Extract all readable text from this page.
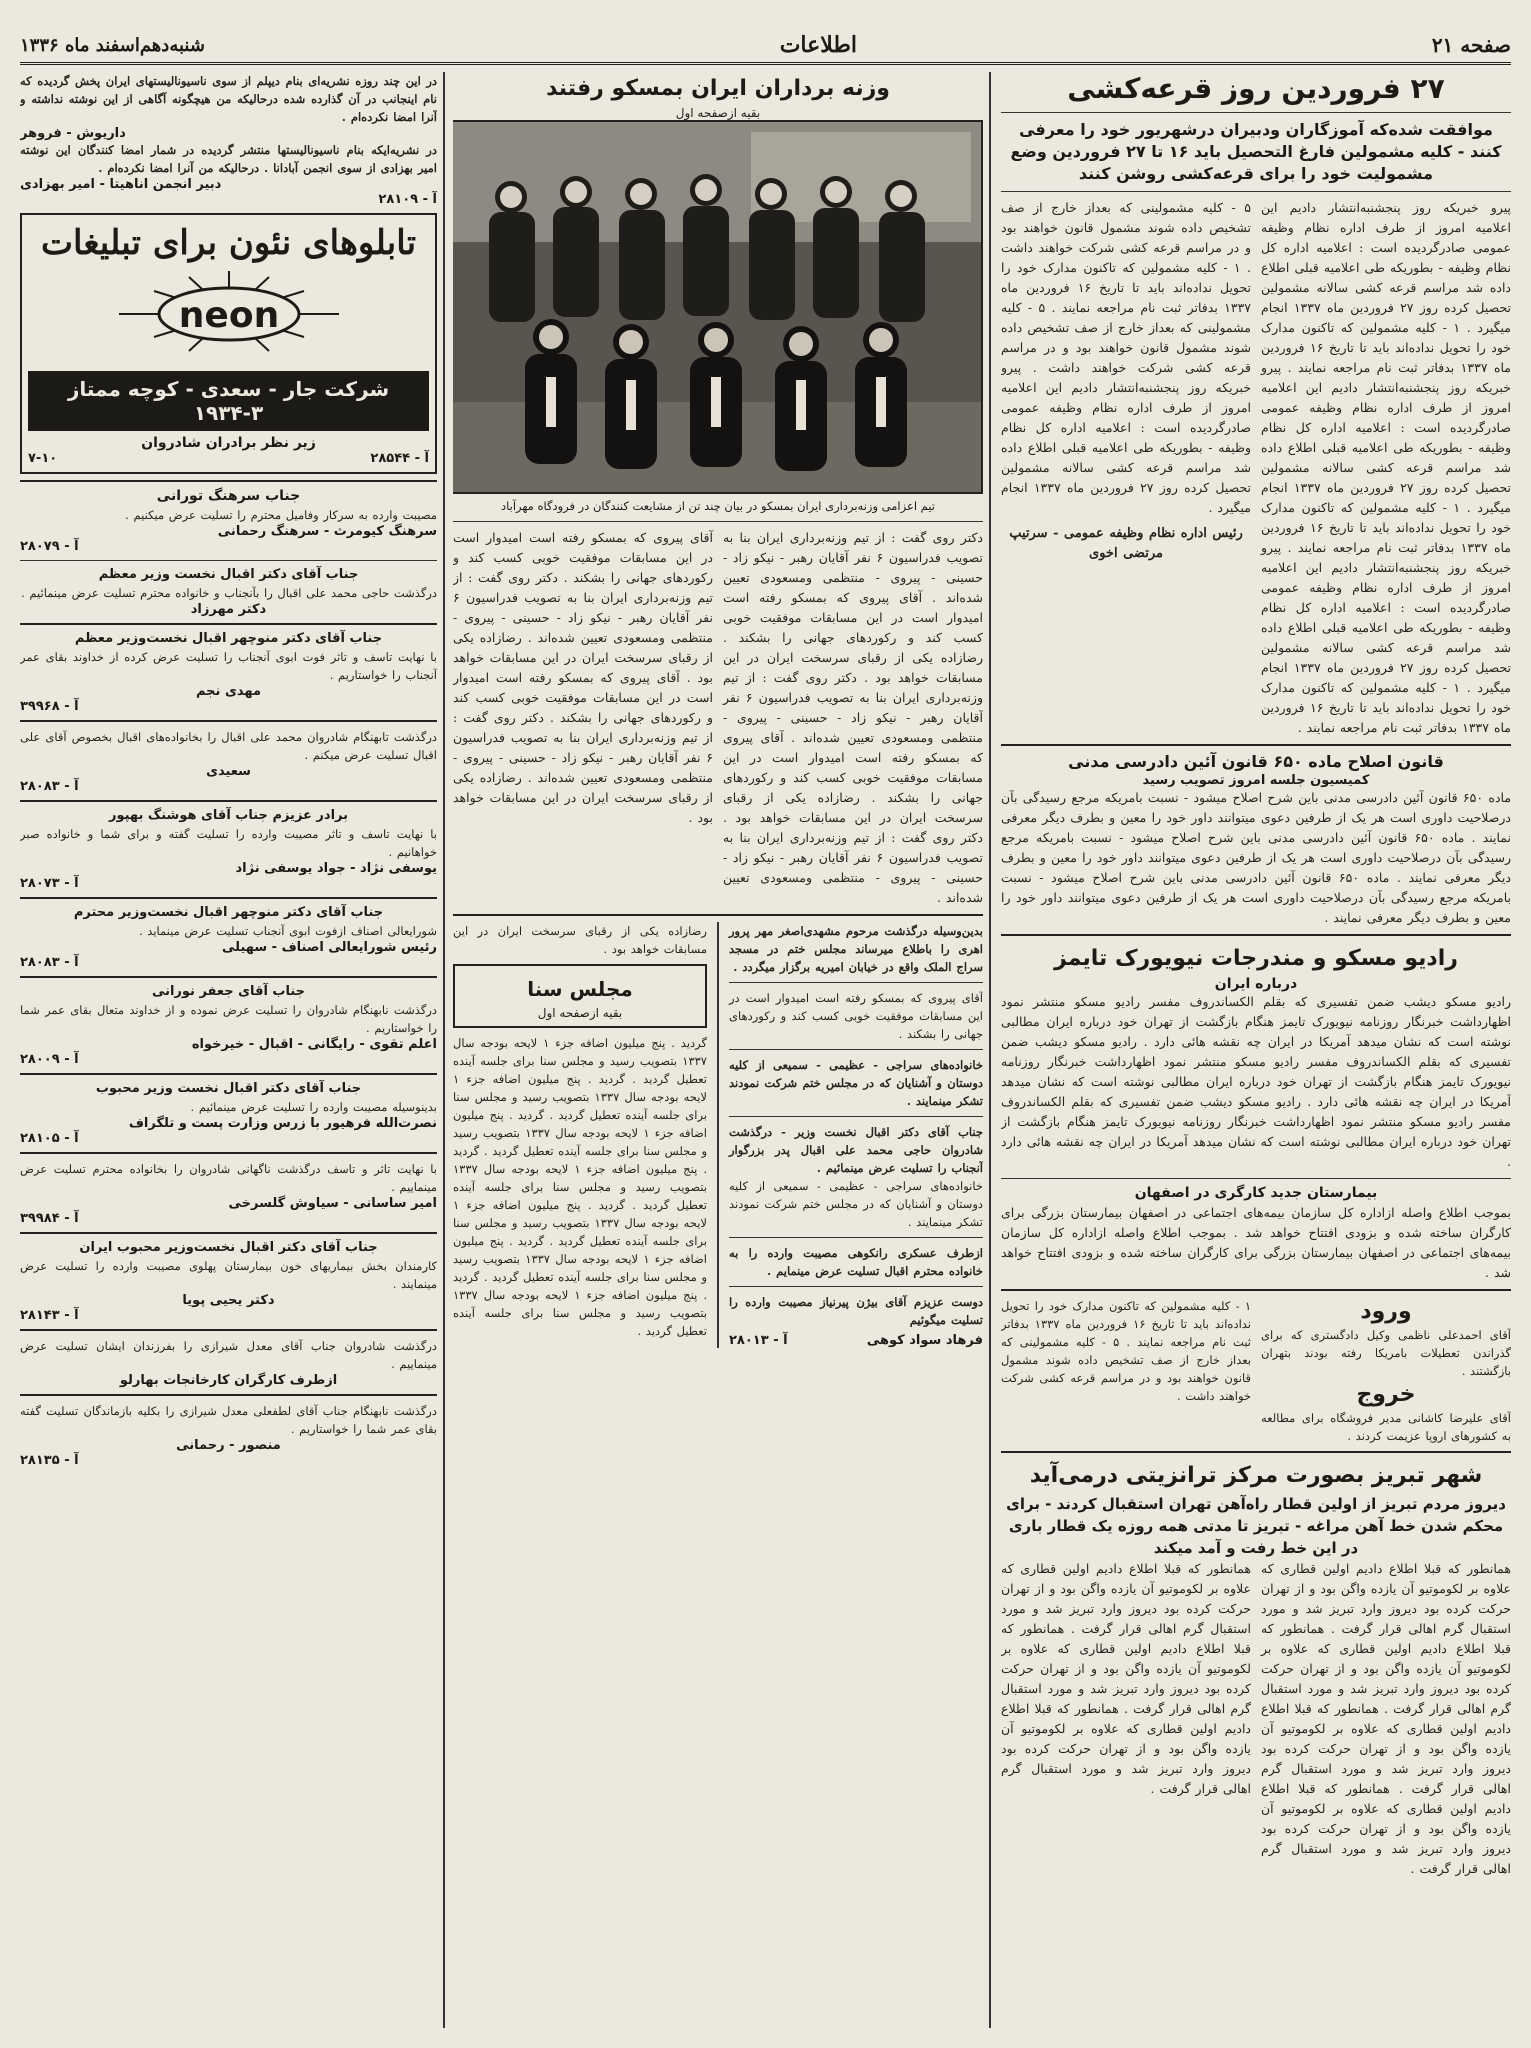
صفحه ۲۱
اطلاعات
شنبه‌دهم‌اسفند ماه ۱۳۳۶
۲۷ فروردین روز قرعه‌کشی
موافقت شده‌که آموزگاران ودبیران درشهریور خود را معرفی کنند - کلیه مشمولین فارغ التحصیل باید ۱۶ تا ۲۷ فروردین وضع مشمولیت خود را برای قرعه‌کشی روشن کنند
پیرو خبریکه روز پنجشنبه‌انتشار دادیم این اعلامیه امروز از طرف اداره نظام وظیفه عمومی صادرگردیده است : اعلامیه اداره کل نظام وظیفه - بطوریکه طی اعلامیه قبلی اطلاع داده شد مراسم قرعه کشی سالانه مشمولین تحصیل کرده روز ۲۷ فروردین ماه ۱۳۳۷ انجام میگیرد . ۱ - کلیه مشمولین‌ که تاکنون‌ مدارک خود را تحویل نداده‌اند باید تا تاریخ ۱۶ فروردین ماه ۱۳۳۷ بدفاتر ثبت نام مراجعه نمایند . پیرو خبریکه روز پنجشنبه‌انتشار دادیم این اعلامیه امروز از طرف اداره نظام وظیفه عمومی صادرگردیده است : اعلامیه اداره کل نظام وظیفه - بطوریکه طی اعلامیه قبلی اطلاع داده شد مراسم قرعه کشی سالانه مشمولین تحصیل کرده روز ۲۷ فروردین ماه ۱۳۳۷ انجام میگیرد . ۱ - کلیه مشمولین‌ که تاکنون‌ مدارک خود را تحویل نداده‌اند باید تا تاریخ ۱۶ فروردین ماه ۱۳۳۷ بدفاتر ثبت نام مراجعه نمایند . پیرو خبریکه روز پنجشنبه‌انتشار دادیم این اعلامیه امروز از طرف اداره نظام وظیفه عمومی صادرگردیده است : اعلامیه اداره کل نظام وظیفه - بطوریکه طی اعلامیه قبلی اطلاع داده شد مراسم قرعه کشی سالانه مشمولین تحصیل کرده روز ۲۷ فروردین ماه ۱۳۳۷ انجام میگیرد . ۱ - کلیه مشمولین‌ که تاکنون‌ مدارک خود را تحویل نداده‌اند باید تا تاریخ ۱۶ فروردین ماه ۱۳۳۷ بدفاتر ثبت نام مراجعه نمایند .
۵ - کلیه مشمولینی که بعداز خارج از صف تشخیص داده شوند مشمول قانون خواهند بود و در مراسم قرعه کشی شرکت خواهند داشت . ۱ - کلیه مشمولین‌ که تاکنون‌ مدارک خود را تحویل نداده‌اند باید تا تاریخ ۱۶ فروردین ماه ۱۳۳۷ بدفاتر ثبت نام مراجعه نمایند . ۵ - کلیه مشمولینی که بعداز خارج از صف تشخیص داده شوند مشمول قانون خواهند بود و در مراسم قرعه کشی شرکت خواهند داشت . پیرو خبریکه روز پنجشنبه‌انتشار دادیم این اعلامیه امروز از طرف اداره نظام وظیفه عمومی صادرگردیده است : اعلامیه اداره کل نظام وظیفه - بطوریکه طی اعلامیه قبلی اطلاع داده شد مراسم قرعه کشی سالانه مشمولین تحصیل کرده روز ۲۷ فروردین ماه ۱۳۳۷ انجام میگیرد .
رئیس اداره نظام وظیفه عمومی - سرتیپ مرتضی اخوی
قانون اصلاح ماده ۶۵۰ قانون آئین دادرسی مدنی
کمیسیون جلسه امروز تصویب رسید
ماده ۶۵۰ قانون آئین دادرسی مدنی باین شرح اصلاح میشود - نسبت بامریکه مرجع رسیدگی بآن درصلاحیت داوری است هر یک از طرفین دعوی میتوانند داور خود را معین و بطرف دیگر معرفی نمایند . ماده ۶۵۰ قانون آئین دادرسی مدنی باین شرح اصلاح میشود - نسبت بامریکه مرجع رسیدگی بآن درصلاحیت داوری است هر یک از طرفین دعوی میتوانند داور خود را معین و بطرف دیگر معرفی نمایند . ماده ۶۵۰ قانون آئین دادرسی مدنی باین شرح اصلاح میشود - نسبت بامریکه مرجع رسیدگی بآن درصلاحیت داوری است هر یک از طرفین دعوی میتوانند داور خود را معین و بطرف دیگر معرفی نمایند .
رادیو مسکو و مندرجات نیویورک تایمز
درباره ایران
رادیو مسکو دیشب ضمن تفسیری که بقلم الکساندروف مفسر رادیو مسکو منتشر نمود اظهارداشت خبرنگار روزنامه نیویورک تایمز هنگام بازگشت از تهران خود درباره ایران مطالبی نوشته است که نشان میدهد آمریکا در ایران چه نقشه هائی دارد . رادیو مسکو دیشب ضمن تفسیری که بقلم الکساندروف مفسر رادیو مسکو منتشر نمود اظهارداشت خبرنگار روزنامه نیویورک تایمز هنگام بازگشت از تهران خود درباره ایران مطالبی نوشته است که نشان میدهد آمریکا در ایران چه نقشه هائی دارد . رادیو مسکو دیشب ضمن تفسیری که بقلم الکساندروف مفسر رادیو مسکو منتشر نمود اظهارداشت خبرنگار روزنامه نیویورک تایمز هنگام بازگشت از تهران خود درباره ایران مطالبی نوشته است که نشان میدهد آمریکا در ایران چه نقشه هائی دارد .
بیمارستان جدید کارگری در اصفهان
بموجب اطلاع واصله ازاداره کل سازمان بیمه‌های اجتماعی در اصفهان بیمارستان بزرگی برای کارگران ساخته شده و بزودی افتتاح خواهد شد . بموجب اطلاع واصله ازاداره کل سازمان بیمه‌های اجتماعی در اصفهان بیمارستان بزرگی برای کارگران ساخته شده و بزودی افتتاح خواهد شد .
ورود
آقای احمدعلی ناظمی وکیل دادگستری که برای گذراندن تعطیلات بامریکا رفته بودند بتهران بازگشتند .
خروج
آقای علیرضا کاشانی مدیر فروشگاه برای مطالعه به کشورهای اروپا عزیمت کردند .
۱ - کلیه مشمولین‌ که تاکنون‌ مدارک خود را تحویل نداده‌اند باید تا تاریخ ۱۶ فروردین ماه ۱۳۳۷ بدفاتر ثبت نام مراجعه نمایند . ۵ - کلیه مشمولینی که بعداز خارج از صف تشخیص داده شوند مشمول قانون خواهند بود و در مراسم قرعه کشی شرکت خواهند داشت .
شهر تبریز بصورت مرکز ترانزیتی درمی‌آید
دیروز مردم تبریز از اولین قطار راه‌آهن تهران استقبال کردند - برای محکم شدن خط آهن مراغه - تبریز تا مدتی همه روزه یک قطار باری در این خط رفت و آمد میکند
همانطور که قبلا اطلاع دادیم اولین قطاری که علاوه بر لکوموتیو آن یازده واگن بود و از تهران حرکت کرده بود دیروز وارد تبریز شد و مورد استقبال گرم اهالی قرار گرفت . همانطور که قبلا اطلاع دادیم اولین قطاری که علاوه بر لکوموتیو آن یازده واگن بود و از تهران حرکت کرده بود دیروز وارد تبریز شد و مورد استقبال گرم اهالی قرار گرفت . همانطور که قبلا اطلاع دادیم اولین قطاری که علاوه بر لکوموتیو آن یازده واگن بود و از تهران حرکت کرده بود دیروز وارد تبریز شد و مورد استقبال گرم اهالی قرار گرفت . همانطور که قبلا اطلاع دادیم اولین قطاری که علاوه بر لکوموتیو آن یازده واگن بود و از تهران حرکت کرده بود دیروز وارد تبریز شد و مورد استقبال گرم اهالی قرار گرفت .
همانطور که قبلا اطلاع دادیم اولین قطاری که علاوه بر لکوموتیو آن یازده واگن بود و از تهران حرکت کرده بود دیروز وارد تبریز شد و مورد استقبال گرم اهالی قرار گرفت . همانطور که قبلا اطلاع دادیم اولین قطاری که علاوه بر لکوموتیو آن یازده واگن بود و از تهران حرکت کرده بود دیروز وارد تبریز شد و مورد استقبال گرم اهالی قرار گرفت . همانطور که قبلا اطلاع دادیم اولین قطاری که علاوه بر لکوموتیو آن یازده واگن بود و از تهران حرکت کرده بود دیروز وارد تبریز شد و مورد استقبال گرم اهالی قرار گرفت .
وزنه برداران ایران بمسکو رفتند
بقیه ازصفحه اول
تیم اعزامی وزنه‌برداری ایران بمسکو در بیان چند تن از مشایعت کنندگان در فرودگاه مهرآباد
دکتر روی گفت : از تیم وزنه‌برداری ایران بنا به تصویب فدراسیون ۶ نفر آقایان رهبر - نیکو زاد - حسینی - پیروی - منتظمی ومسعودی تعیین شده‌اند . آقای پیروی که بمسکو رفته است امیدوار است در این مسابقات موفقیت خوبی کسب کند و رکوردهای جهانی را بشکند . رضازاده یکی از رقبای سرسخت ایران در این مسابقات خواهد بود . دکتر روی گفت : از تیم وزنه‌برداری ایران بنا به تصویب فدراسیون ۶ نفر آقایان رهبر - نیکو زاد - حسینی - پیروی - منتظمی ومسعودی تعیین شده‌اند . آقای پیروی که بمسکو رفته است امیدوار است در این مسابقات موفقیت خوبی کسب کند و رکوردهای جهانی را بشکند . رضازاده یکی از رقبای سرسخت ایران در این مسابقات خواهد بود . دکتر روی گفت : از تیم وزنه‌برداری ایران بنا به تصویب فدراسیون ۶ نفر آقایان رهبر - نیکو زاد - حسینی - پیروی - منتظمی ومسعودی تعیین شده‌اند .
آقای پیروی که بمسکو رفته است امیدوار است در این مسابقات موفقیت خوبی کسب کند و رکوردهای جهانی را بشکند . دکتر روی گفت : از تیم وزنه‌برداری ایران بنا به تصویب فدراسیون ۶ نفر آقایان رهبر - نیکو زاد - حسینی - پیروی - منتظمی ومسعودی تعیین شده‌اند . رضازاده یکی از رقبای سرسخت ایران در این مسابقات خواهد بود . آقای پیروی که بمسکو رفته است امیدوار است در این مسابقات موفقیت خوبی کسب کند و رکوردهای جهانی را بشکند . دکتر روی گفت : از تیم وزنه‌برداری ایران بنا به تصویب فدراسیون ۶ نفر آقایان رهبر - نیکو زاد - حسینی - پیروی - منتظمی ومسعودی تعیین شده‌اند . رضازاده یکی از رقبای سرسخت ایران در این مسابقات خواهد بود .
بدین‌وسیله درگذشت مرحوم مشهدی‌اصغر مهر پرور اهری را باطلاع میرساند مجلس ختم در مسجد سراج الملک واقع در خیابان امیریه برگزار میگردد .
آقای پیروی که بمسکو رفته است امیدوار است در این مسابقات موفقیت خوبی کسب کند و رکوردهای جهانی را بشکند .
خانواده‌های سراجی - عظیمی - سمیعی از کلیه دوستان و آشنایان که در مجلس ختم شرکت نمودند تشکر مینمایند .
جناب آقای دکتر اقبال نخست وزیر - درگذشت شادروان حاجی محمد علی اقبال پدر بزرگوار آنجناب را تسلیت عرض مینمائیم .
خانواده‌های سراجی - عظیمی - سمیعی از کلیه دوستان و آشنایان که در مجلس ختم شرکت نمودند تشکر مینمایند .
ازطرف عسکری رانکوهی مصیبت وارده را به خانواده محترم اقبال تسلیت عرض مینمایم .
دوست عزیزم آقای بیژن پیرنیاز مصیبت وارده را تسلیت میگوئیم
فرهاد سواد کوهی
آ - ۲۸۰۱۳
رضازاده یکی از رقبای سرسخت ایران در این مسابقات خواهد بود .
مجلس سنا
بقیه ازصفحه اول
گردید . پنج میلیون اضافه جزء ۱ لایحه بودجه سال ۱۳۳۷ بتصویب رسید و مجلس سنا برای جلسه آینده تعطیل گردید . گردید . پنج میلیون اضافه جزء ۱ لایحه بودجه سال ۱۳۳۷ بتصویب رسید و مجلس سنا برای جلسه آینده تعطیل گردید . گردید . پنج میلیون اضافه جزء ۱ لایحه بودجه سال ۱۳۳۷ بتصویب رسید و مجلس سنا برای جلسه آینده تعطیل گردید . گردید . پنج میلیون اضافه جزء ۱ لایحه بودجه سال ۱۳۳۷ بتصویب رسید و مجلس سنا برای جلسه آینده تعطیل گردید . گردید . پنج میلیون اضافه جزء ۱ لایحه بودجه سال ۱۳۳۷ بتصویب رسید و مجلس سنا برای جلسه آینده تعطیل گردید . گردید . پنج میلیون اضافه جزء ۱ لایحه بودجه سال ۱۳۳۷ بتصویب رسید و مجلس سنا برای جلسه آینده تعطیل گردید . گردید . پنج میلیون اضافه جزء ۱ لایحه بودجه سال ۱۳۳۷ بتصویب رسید و مجلس سنا برای جلسه آینده تعطیل گردید .
در این چند روزه نشریه‌ای بنام دیپلم از سوی ناسیونالیستهای ایران پخش گردیده که نام اینجانب در آن گذارده شده درحالیکه من هیچگونه آگاهی از این نوشته نداشته و آنرا امضا نکرده‌ام .
داریوش - فروهر
در نشریه‌ایکه بنام ناسیونالیستها منتشر گردیده در شمار امضا کنندگان این نوشته امیر بهزادی از سوی انجمن آبادانا . درحالیکه من آنرا امضا نکرده‌ام .
دبیر انجمن اناهیتا - امیر بهزادی
آ - ۲۸۱۰۹
تابلوهای نئون برای تبلیغات
neon
شرکت جار - سعدی - کوچه ممتاز ۳-۱۹۳۴
زیر نظر برادران شادروان
آ - ۲۸۵۴۴
۷-۱۰
جناب سرهنگ تورانی
مصیبت وارده به سرکار وفامیل محترم را تسلیت عرض میکنیم .
سرهنگ کیومرث - سرهنگ رحمانی
آ - ۲۸۰۷۹
جناب آقای دکتر اقبال نخست وزیر معظم
درگذشت حاجی محمد علی اقبال را بآنجناب و خانواده محترم تسلیت عرض مینمائیم .
دکتر مهرزاد
جناب آقای دکتر منوچهر اقبال نخست‌وزیر معظم
با نهایت تاسف و تاثر فوت ابوی آنجناب را تسلیت عرض کرده از خداوند بقای عمر آنجناب را خواستاریم .
مهدی نجم
آ - ۳۹۹۶۸
درگذشت تابهنگام شادروان محمد علی اقبال را بخانواده‌های اقبال بخصوص آقای علی اقبال تسلیت عرض میکنم .
سعیدی
آ - ۲۸۰۸۳
برادر عزیزم جناب آقای هوشنگ بهپور
با نهایت تاسف و تاثر مصیبت وارده را تسلیت گفته و برای شما و خانواده صبر خواهانیم .
یوسفی نژاد - جواد یوسفی نژاد
آ - ۲۸۰۷۳
جناب آقای دکتر منوچهر اقبال نخست‌وزیر محترم
شورایعالی اصناف ازفوت ابوی آنجناب تسلیت عرض مینماید .
رئیس شورایعالی اصناف - سهیلی
آ - ۲۸۰۸۳
جناب آقای جعفر نورانی
درگذشت نابهنگام شادروان را تسلیت عرض نموده و از خداوند متعال بقای عمر شما را خواستاریم .
اعلم تقوی - رایگانی - اقبال - خیرخواه
آ - ۲۸۰۰۹
جناب آقای دکتر اقبال نخست وزیر محبوب
بدینوسیله مصیبت وارده را تسلیت عرض مینمائیم .
نصرت‌الله فرهیور با زرس وزارت پست و تلگراف
آ - ۲۸۱۰۵
با نهایت تاثر و تاسف درگذشت ناگهانی شادروان را بخانواده محترم تسلیت عرض مینماییم .
امیر ساسانی - سیاوش گلسرخی
آ - ۳۹۹۸۴
جناب آقای دکتر اقبال نخست‌وزیر محبوب ایران
کارمندان بخش بیماریهای خون بیمارستان پهلوی مصیبت وارده را تسلیت عرض مینمایند .
دکتر یحیی پویا
آ - ۲۸۱۴۳
درگذشت شادروان جناب آقای معدل شیرازی را بفرزندان ایشان تسلیت عرض مینماییم .
ازطرف کارگران کارخانجات بهارلو
درگذشت نابهنگام جناب آقای لطفعلی معدل شیرازی را بکلیه بازماندگان تسلیت گفته بقای عمر شما را خواستاریم .
منصور - رحمانی
آ - ۲۸۱۳۵
